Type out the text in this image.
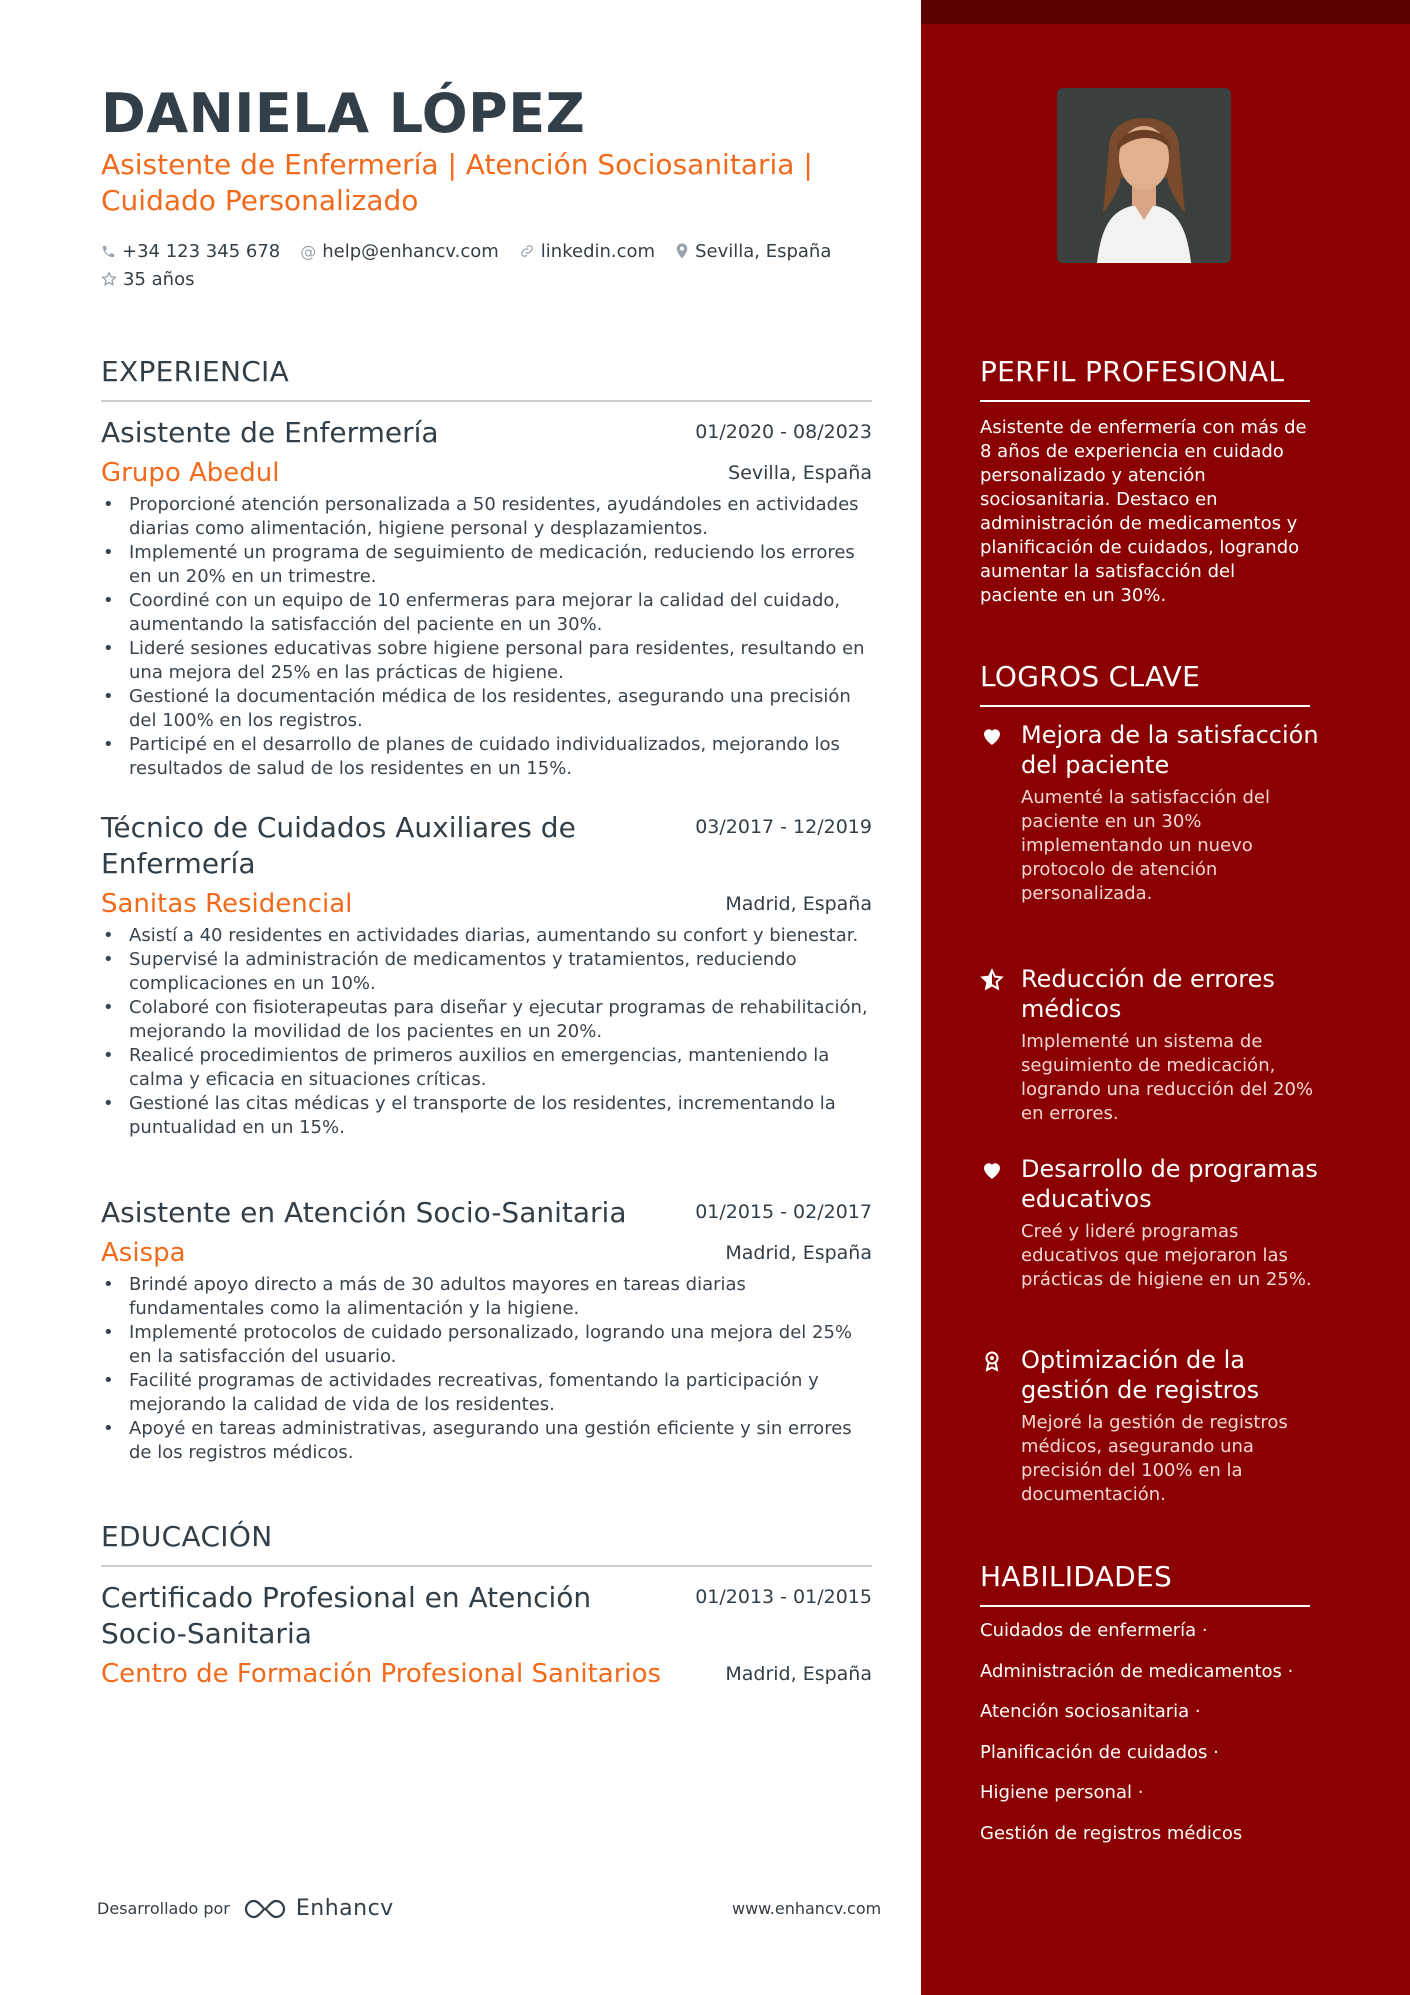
DANIELA LÓPEZ
Asistente de Enfermería | Atención Sociosanitaria | Cuidado Personalizado
+34 123 345 678 @ help@enhancv.com linkedin.com Sevilla, España
35 años
EXPERIENCIA
Asistente de Enfermería	01/2020 - 08/2023
Grupo Abedul	Sevilla, España
• Proporcioné atención personalizada a 50 residentes, ayudándoles en actividades diarias como alimentación, higiene personal y desplazamientos.
• Implementé un programa de seguimiento de medicación, reduciendo los errores en un 20% en un trimestre.
• Coordiné con un equipo de 10 enfermeras para mejorar la calidad del cuidado, aumentando la satisfacción del paciente en un 30%.
• Lideré sesiones educativas sobre higiene personal para residentes, resultando en una mejora del 25% en las prácticas de higiene.
• Gestioné la documentación médica de los residentes, asegurando una precisión del 100% en los registros.
• Participé en el desarrollo de planes de cuidado individualizados, mejorando los resultados de salud de los residentes en un 15%.
Técnico de Cuidados Auxiliares de Enfermería
03/2017 - 12/2019
Sanitas Residencial	Madrid, España
• Asistí a 40 residentes en actividades diarias, aumentando su confort y bienestar.
• Supervisé la administración de medicamentos y tratamientos, reduciendo complicaciones en un 10%.
• Colaboré con fisioterapeutas para diseñar y ejecutar programas de rehabilitación, mejorando la movilidad de los pacientes en un 20%.
• Realicé procedimientos de primeros auxilios en emergencias, manteniendo la calma y eficacia en situaciones críticas.
• Gestioné las citas médicas y el transporte de los residentes, incrementando la puntualidad en un 15%.
Asistente en Atención Socio-Sanitaria	01/2015 - 02/2017
Asispa	Madrid, España
• Brindé apoyo directo a más de 30 adultos mayores en tareas diarias fundamentales como la alimentación y la higiene.
• Implementé protocolos de cuidado personalizado, logrando una mejora del 25% en la satisfacción del usuario.
• Facilité programas de actividades recreativas, fomentando la participación y mejorando la calidad de vida de los residentes.
• Apoyé en tareas administrativas, asegurando una gestión eficiente y sin errores de los registros médicos.
EDUCACIÓN
Certificado Profesional en Atención Socio-Sanitaria
01/2013 - 01/2015
Centro de Formación Profesional Sanitarios	Madrid, España
PERFIL PROFESIONAL
Asistente de enfermería con más de 8 años de experiencia en cuidado personalizado y atención sociosanitaria. Destaco en administración de medicamentos y planificación de cuidados, logrando aumentar la satisfacción del paciente en un 30%.
LOGROS CLAVE
Mejora de la satisfacción del paciente
Aumenté la satisfacción del paciente en un 30% implementando un nuevo protocolo de atención personalizada.
Reducción de errores médicos
Implementé un sistema de seguimiento de medicación, logrando una reducción del 20% en errores.
Desarrollo de programas educativos
Creé y lideré programas educativos que mejoraron las prácticas de higiene en un 25%.
Optimización de la gestión de registros
Mejoré la gestión de registros médicos, asegurando una precisión del 100% en la documentación.
HABILIDADES
Cuidados de enfermería ·
Administración de medicamentos ·
Atención sociosanitaria ·
Planificación de cuidados ·
Higiene personal ·
Gestión de registros médicos
Desarrollado por	Enhancv	www.enhancv.com
